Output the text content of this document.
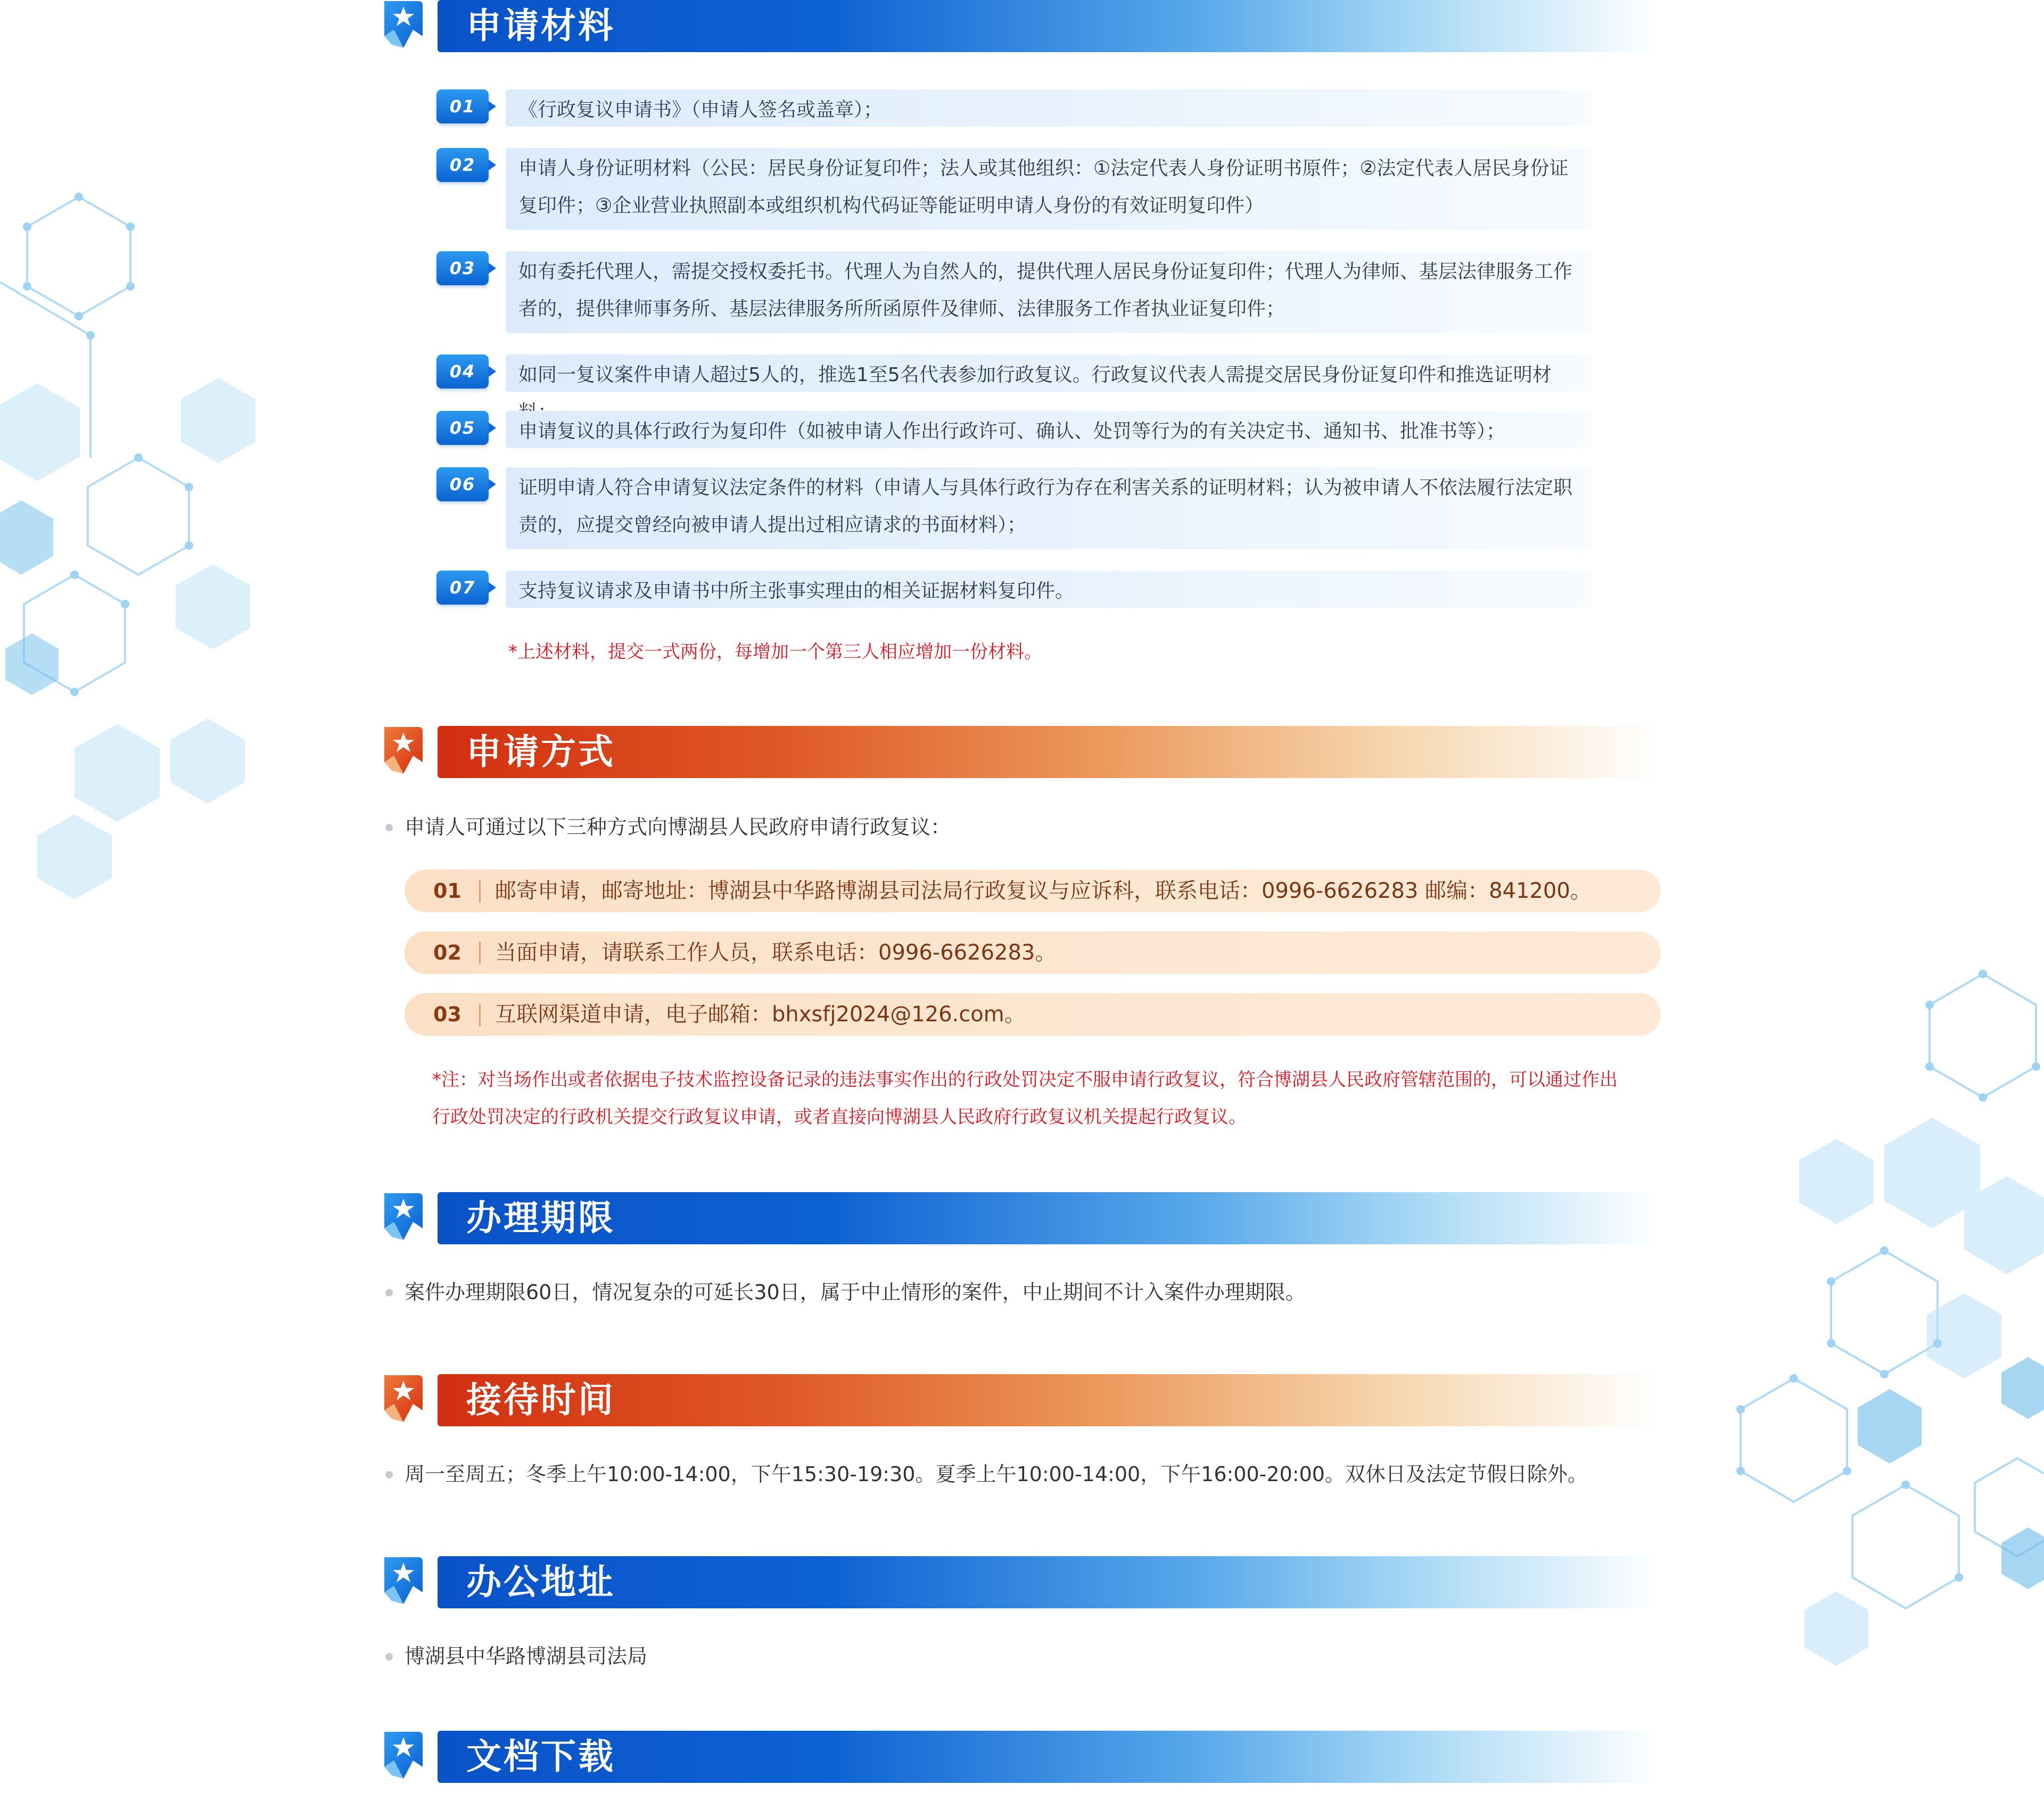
申请材料
01	《行政复议申请书》（申请人签名或盖章）；
02	申请人身份证明材料（公民：居民身份证复印件；法人或其他组织：①法定代表人身份证明书原件；②法定代表人居民身份证复印件；③企业营业执照副本或组织机构代码证等能证明申请人身份的有效证明复印件）
03	如有委托代理人，需提交授权委托书。代理人为自然人的，提供代理人居民身份证复印件；代理人为律师、基层法律服务工作者的，提供律师事务所、基层法律服务所所函原件及律师、法律服务工作者执业证复印件；
04	如同一复议案件申请人超过5人的，推选1至5名代表参加行政复议。行政复议代表人需提交居民身份证复印件和推选证明材
05	申请复议的具体行政行为复印件（如被申请人作出行政许可、确认、处罚等行为的有关决定书、通知书、批准书等）；
06	证明申请人符合申请复议法定条件的材料（申请人与具体行政行为存在利害关系的证明材料；认为被申请人不依法履行法定职责的，应提交曾经向被申请人提出过相应请求的书面材料）；
07	支持复议请求及申请书中所主张事实理由的相关证据材料复印件。
*上述材料，提交一式两份，每增加一个第三人相应增加一份材料。
申请方式
申请人可通过以下三种方式向博湖县人民政府申请行政复议：
01 邮寄申请，邮寄地址：博湖县中华路博湖县司法局行政复议与应诉科，联系电话：0996-6626283 邮编：841200。
02 当面申请，请联系工作人员，联系电话：0996-6626283。
03 互联网渠道申请，电子邮箱：bhxsfj2024@126.com。
*注：对当场作出或者依据电子技术监控设备记录的违法事实作出的行政处罚决定不服申请行政复议，符合博湖县人民政府管辖范围的，可以通过作出行政处罚决定的行政机关提交行政复议申请，或者直接向博湖县人民政府行政复议机关提起行政复议。
办理期限
案件办理期限60日，情况复杂的可延长30日，属于中止情形的案件，中止期间不计入案件办理期限。
接待时间
周一至周五；冬季上午10:00-14:00，下午15:30-19:30。夏季上午10:00-14:00，下午16:00-20:00。双休日及法定节假日除外。
办公地址
博湖县中华路博湖县司法局
文档下载
